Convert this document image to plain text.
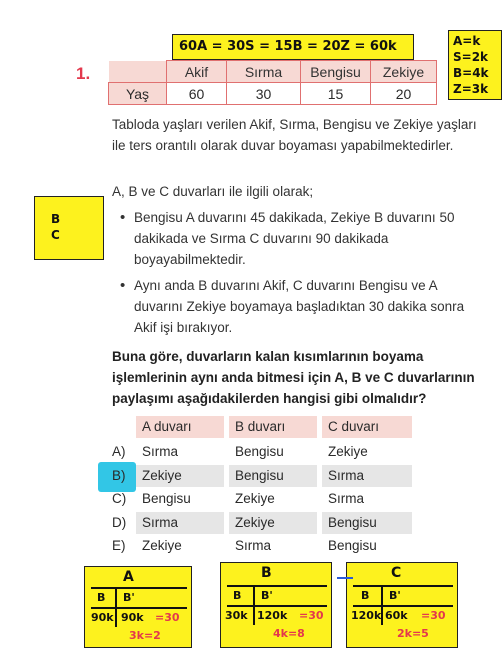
60A = 30S = 15B = 20Z = 60k	A=k
S=2k
B=4k
Z=3k
B
C
1.
		Akif	Sırma	Bengisu	Zekiye
Yaş	60	30	15	20

Tabloda yaşları verilen Akif, Sırma, Bengisu ve Zekiye yaşları ile ters orantılı olarak duvar boyaması yapabilmektedirler.

A, B ve C duvarları ile ilgili olarak;

• Bengisu A duvarını 45 dakikada, Zekiye B duvarını 50 dakikada ve Sırma C duvarını 90 dakikada boyayabilmektedir.
• Aynı anda B duvarını Akif, C duvarını Bengisu ve A duvarını Zekiye boyamaya başladıktan 30 dakika sonra Akif işi bırakıyor.

Buna göre, duvarların kalan kısımlarının boyama işlemlerinin aynı anda bitmesi için A, B ve C duvarlarının paylaşımı aşağıdakilerden hangisi gibi olmalıdır?

A duvarı	B duvarı	C duvarı
A)	Sırma	Bengisu	Zekiye
B)	Zekiye	Bengisu	Sırma
C)	Bengisu	Zekiye	Sırma
D)	Sırma	Zekiye	Bengisu
E)	Zekiye	Sırma	Bengisu
A
B B'
90k 90k =30
3k=2
B
B B'
30k 120k =30
4k=8
C
B B'
120k 60k =30
2k=5
